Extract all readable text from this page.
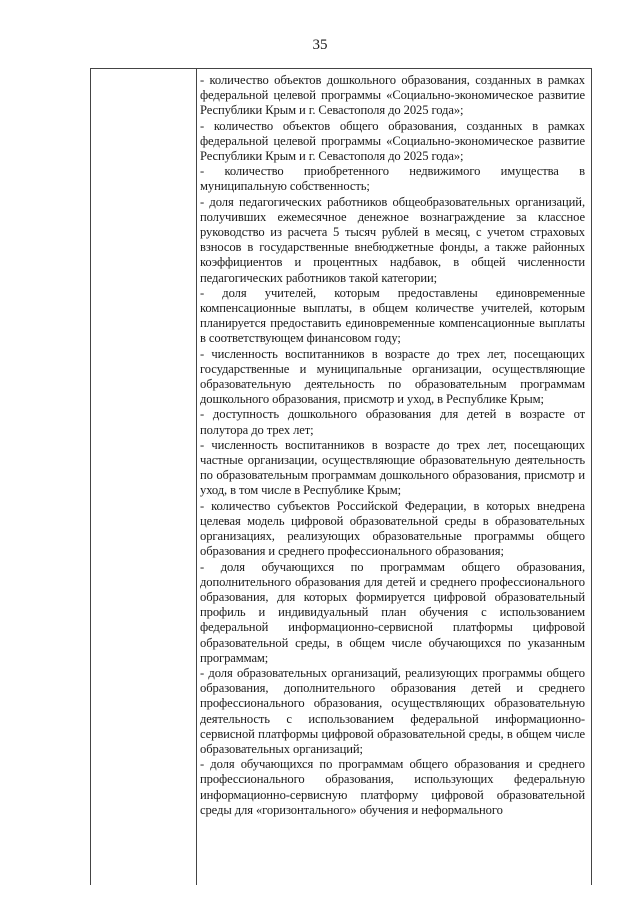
35

- количество объектов дошкольного образования, созданных в рамках федеральной целевой программы «Социально-экономическое развитие Республики Крым и г. Севастополя до 2025 года»;

- количество объектов общего образования, созданных в рамках федеральной целевой программы «Социально-экономическое развитие Республики Крым и г. Севастополя до 2025 года»;

- количество приобретенного недвижимого имущества в муниципальную собственность;

- доля педагогических работников общеобразовательных организаций, получивших ежемесячное денежное вознаграждение за классное руководство из расчета 5 тысяч рублей в месяц, с учетом страховых взносов в государственные внебюджетные фонды, а также районных коэффициентов и процентных надбавок, в общей численности педагогических работников такой категории;

- доля учителей, которым предоставлены единовременные компенсационные выплаты, в общем количестве учителей, которым планируется предоставить единовременные компенсационные выплаты в соответствующем финансовом году;

- численность воспитанников в возрасте до трех лет, посещающих государственные и муниципальные организации, осуществляющие образовательную деятельность по образовательным программам дошкольного образования, присмотр и уход, в Республике Крым;

- доступность дошкольного образования для детей в возрасте от полутора до трех лет;

- численность воспитанников в возрасте до трех лет, посещающих частные организации, осуществляющие образовательную деятельность по образовательным программам дошкольного образования, присмотр и уход, в том числе в Республике Крым;

- количество субъектов Российской Федерации, в которых внедрена целевая модель цифровой образовательной среды в образовательных организациях, реализующих образовательные программы общего образования и среднего профессионального образования;

- доля обучающихся по программам общего образования, дополнительного образования для детей и среднего профессионального образования, для которых формируется цифровой образовательный профиль и индивидуальный план обучения с использованием федеральной информационно-сервисной платформы цифровой образовательной среды, в общем числе обучающихся по указанным программам;

- доля образовательных организаций, реализующих программы общего образования, дополнительного образования детей и среднего профессионального образования, осуществляющих образовательную деятельность с использованием федеральной информационно-сервисной платформы цифровой образовательной среды, в общем числе образовательных организаций;

- доля обучающихся по программам общего образования и среднего профессионального образования, использующих федеральную информационно-сервисную платформу цифровой образовательной среды для «горизонтального» обучения и неформального
